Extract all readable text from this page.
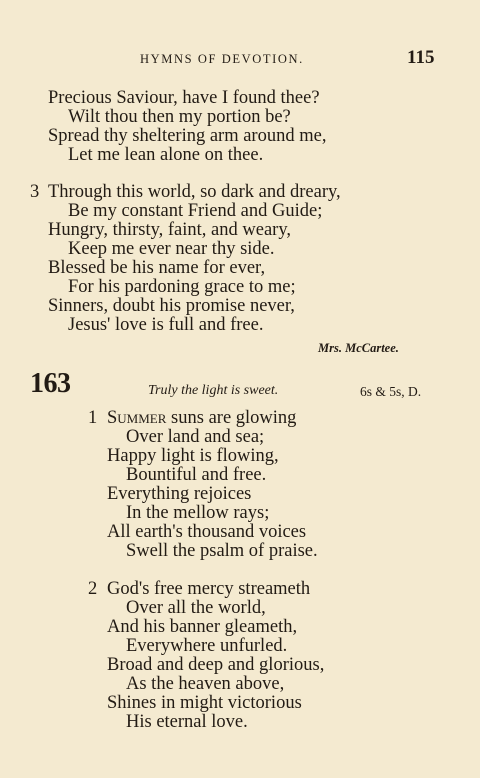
HYMNS OF DEVOTION.	115
Precious Saviour, have I found thee?
Wilt thou then my portion be?
Spread thy sheltering arm around me,
Let me lean alone on thee.
3 Through this world, so dark and dreary,
Be my constant Friend and Guide;
Hungry, thirsty, faint, and weary,
Keep me ever near thy side.
Blessed be his name for ever,
For his pardoning grace to me;
Sinners, doubt his promise never,
Jesus' love is full and free.
Mrs. McCartee.
163	Truly the light is sweet.	6s & 5s, D.
1 Summer suns are glowing
Over land and sea;
Happy light is flowing,
Bountiful and free.
Everything rejoices
In the mellow rays;
All earth's thousand voices
Swell the psalm of praise.
2 God's free mercy streameth
Over all the world,
And his banner gleameth,
Everywhere unfurled.
Broad and deep and glorious,
As the heaven above,
Shines in might victorious
His eternal love.
